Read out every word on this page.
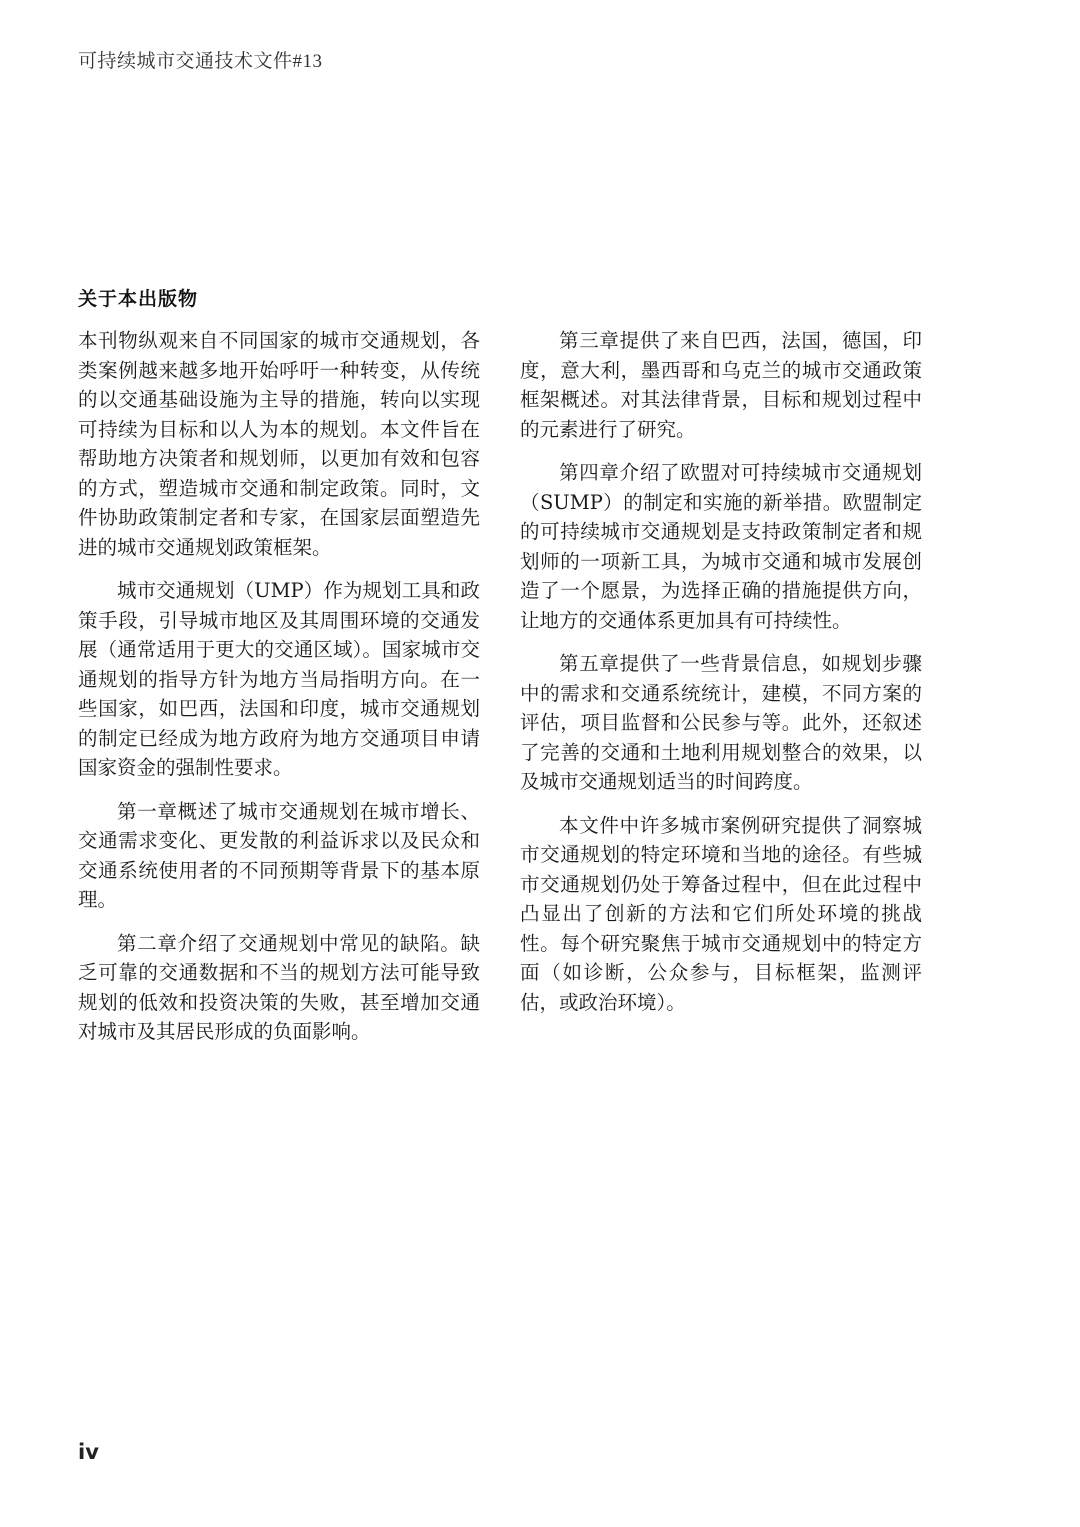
可持续城市交通技术文件#13
关于本出版物

本刊物纵观来自不同国家的城市交通规划，各类案例越来越多地开始呼吁一种转变，从传统的以交通基础设施为主导的措施，转向以实现可持续为目标和以人为本的规划。本文件旨在帮助地方决策者和规划师，以更加有效和包容的方式，塑造城市交通和制定政策。同时，文件协助政策制定者和专家，在国家层面塑造先进的城市交通规划政策框架。

城市交通规划（UMP）作为规划工具和政策手段，引导城市地区及其周围环境的交通发展（通常适用于更大的交通区域）。国家城市交通规划的指导方针为地方当局指明方向。在一些国家，如巴西，法国和印度，城市交通规划的制定已经成为地方政府为地方交通项目申请国家资金的强制性要求。

第一章概述了城市交通规划在城市增长、交通需求变化、更发散的利益诉求以及民众和交通系统使用者的不同预期等背景下的基本原理。

第二章介绍了交通规划中常见的缺陷。缺乏可靠的交通数据和不当的规划方法可能导致规划的低效和投资决策的失败，甚至增加交通对城市及其居民形成的负面影响。

第三章提供了来自巴西，法国，德国，印度，意大利，墨西哥和乌克兰的城市交通政策框架概述。对其法律背景，目标和规划过程中的元素进行了研究。

第四章介绍了欧盟对可持续城市交通规划（SUMP）的制定和实施的新举措。欧盟制定的可持续城市交通规划是支持政策制定者和规划师的一项新工具，为城市交通和城市发展创造了一个愿景，为选择正确的措施提供方向，让地方的交通体系更加具有可持续性。

第五章提供了一些背景信息，如规划步骤中的需求和交通系统统计，建模，不同方案的评估，项目监督和公民参与等。此外，还叙述了完善的交通和土地利用规划整合的效果，以及城市交通规划适当的时间跨度。

本文件中许多城市案例研究提供了洞察城市交通规划的特定环境和当地的途径。有些城市交通规划仍处于筹备过程中，但在此过程中凸显出了创新的方法和它们所处环境的挑战性。每个研究聚焦于城市交通规划中的特定方面（如诊断，公众参与，目标框架，监测评估，或政治环境）。

iv
